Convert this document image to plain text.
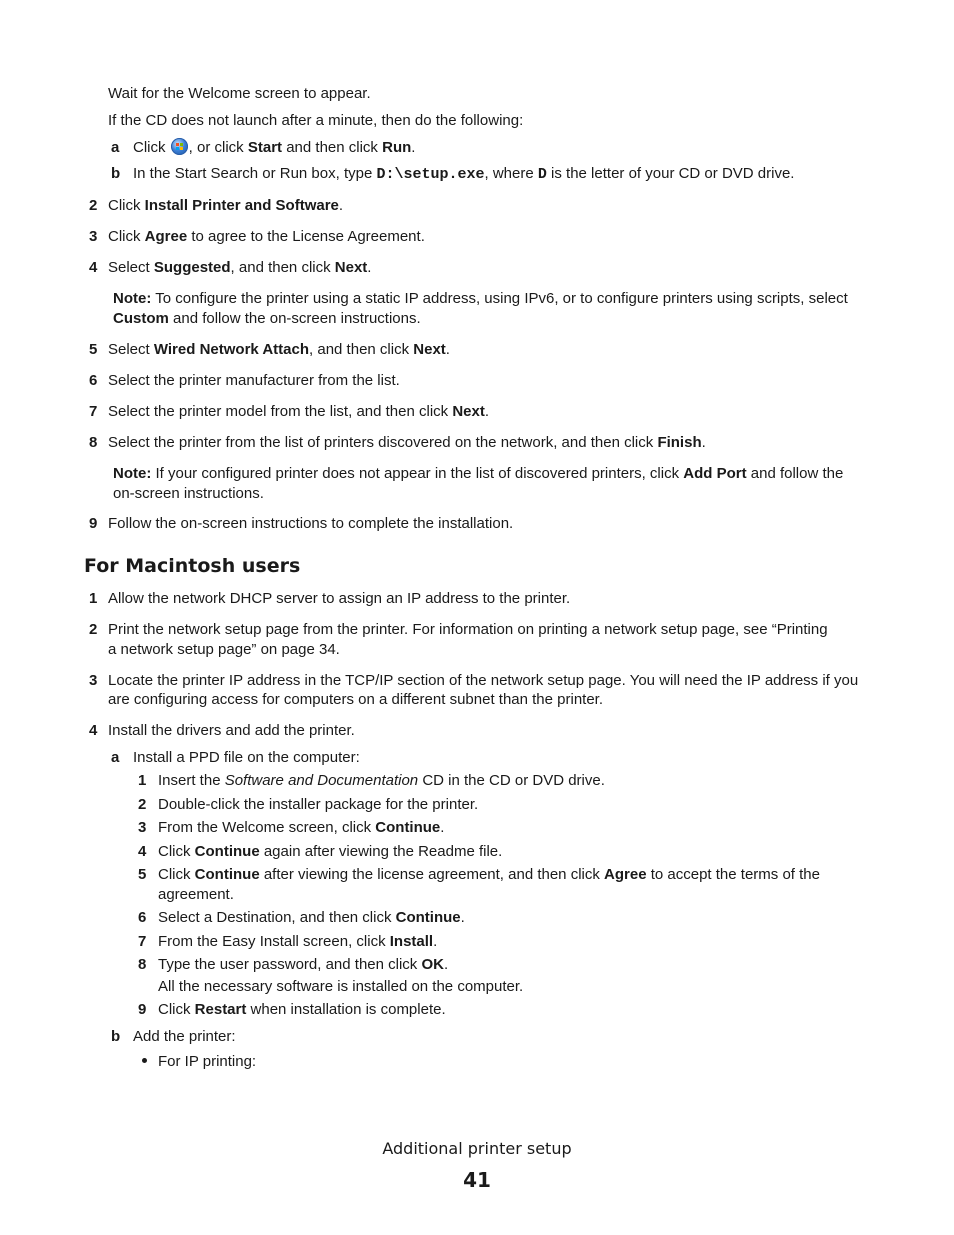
Wait for the Welcome screen to appear.
If the CD does not launch after a minute, then do the following:
a Click , or click Start and then click Run.
b In the Start Search or Run box, type D:\setup.exe, where D is the letter of your CD or DVD drive.
2 Click Install Printer and Software.
3 Click Agree to agree to the License Agreement.
4 Select Suggested, and then click Next.
Note: To configure the printer using a static IP address, using IPv6, or to configure printers using scripts, select
Custom and follow the on-screen instructions.
5 Select Wired Network Attach, and then click Next.
6 Select the printer manufacturer from the list.
7 Select the printer model from the list, and then click Next.
8 Select the printer from the list of printers discovered on the network, and then click Finish.
Note: If your configured printer does not appear in the list of discovered printers, click Add Port and follow the
on-screen instructions.
9 Follow the on-screen instructions to complete the installation.
For Macintosh users
1 Allow the network DHCP server to assign an IP address to the printer.
2 Print the network setup page from the printer. For information on printing a network setup page, see “Printing
a network setup page” on page 34.
3 Locate the printer IP address in the TCP/IP section of the network setup page. You will need the IP address if you
are configuring access for computers on a different subnet than the printer.
4 Install the drivers and add the printer.
a Install a PPD file on the computer:
1 Insert the Software and Documentation CD in the CD or DVD drive.
2 Double-click the installer package for the printer.
3 From the Welcome screen, click Continue.
4 Click Continue again after viewing the Readme file.
5 Click Continue after viewing the license agreement, and then click Agree to accept the terms of the
agreement.
6 Select a Destination, and then click Continue.
7 From the Easy Install screen, click Install.
8 Type the user password, and then click OK.
All the necessary software is installed on the computer.
9 Click Restart when installation is complete.
b Add the printer:
For IP printing:
Additional printer setup
41
